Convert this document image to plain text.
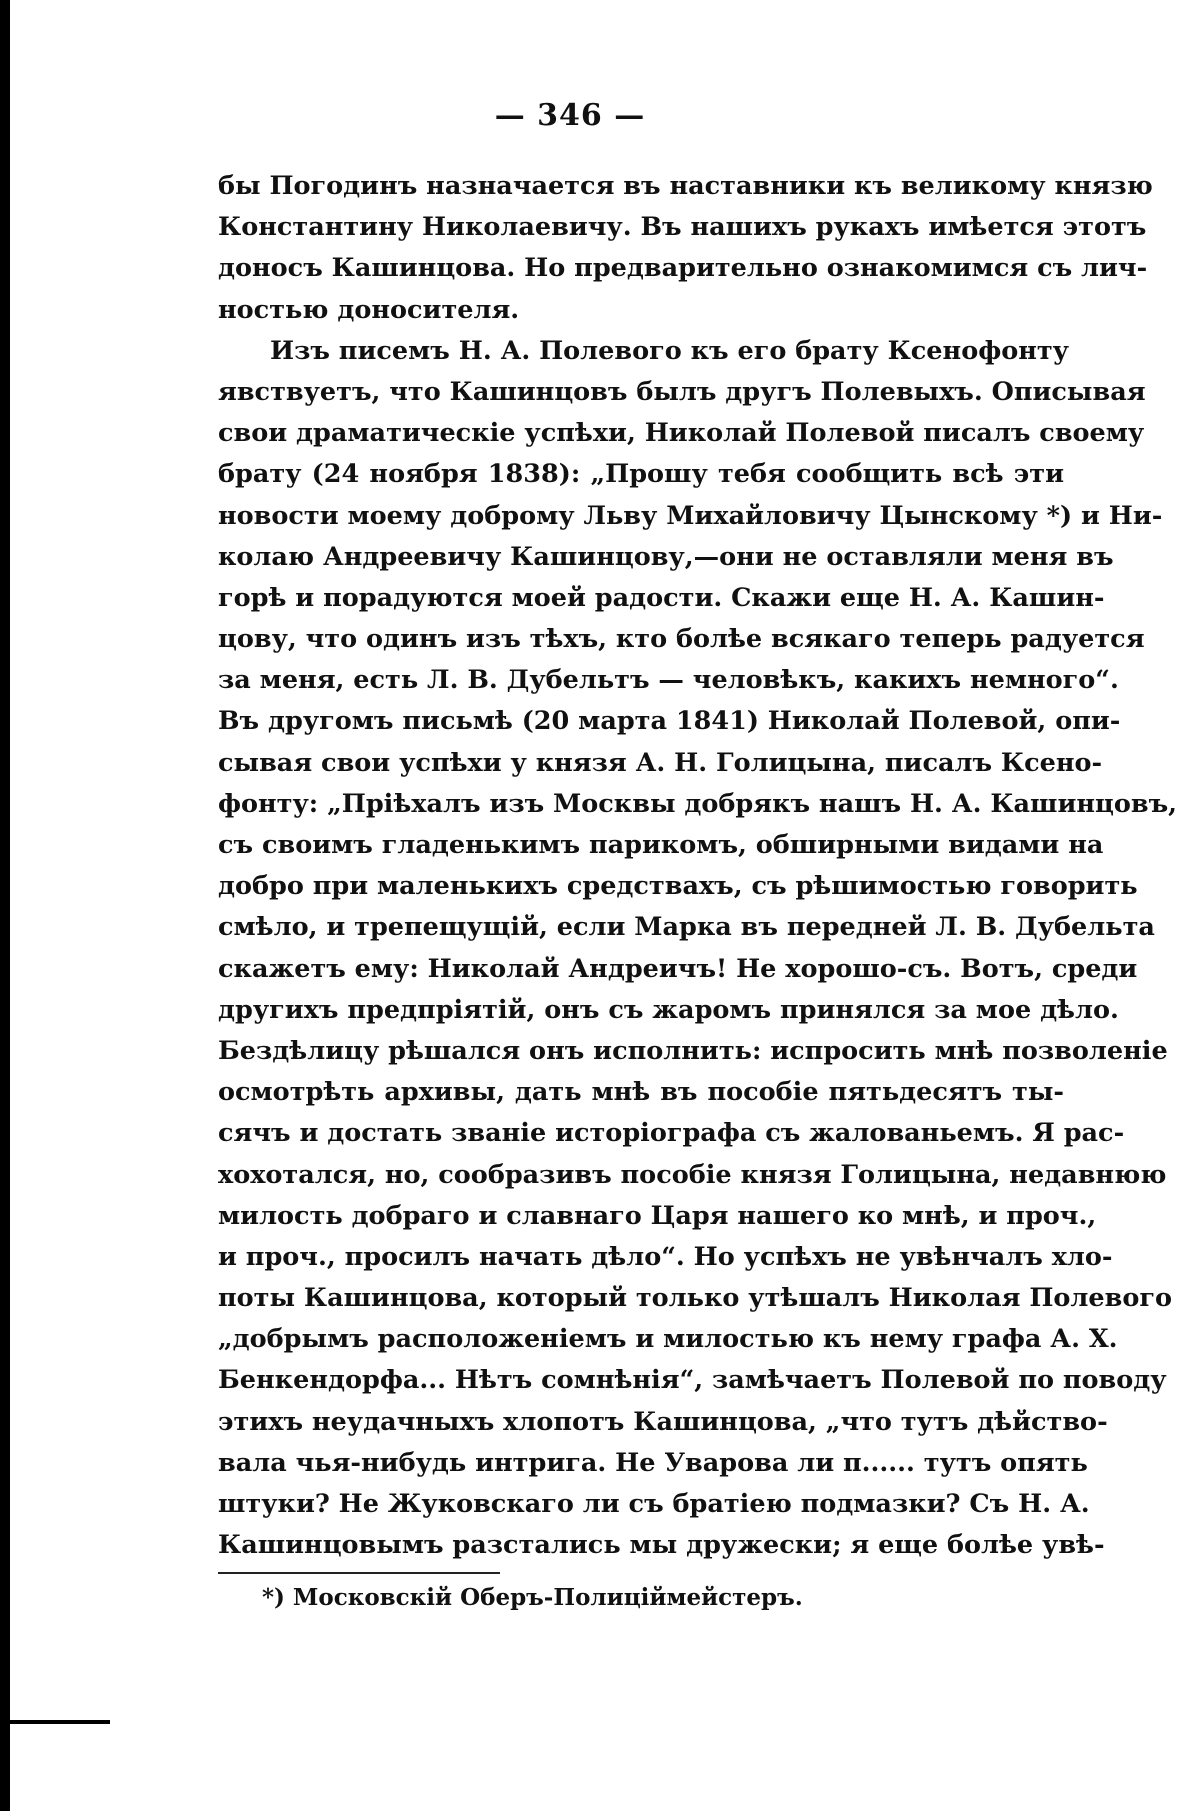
— 346 —
бы Погодинъ назначается въ наставники къ великому князю
Константину Николаевичу. Въ нашихъ рукахъ имѣется этотъ
доносъ Кашинцова. Но предварительно ознакомимся съ лич-
ностью доносителя.
Изъ писемъ Н. А. Полевого къ его брату Ксенофонту
явствуетъ, что Кашинцовъ былъ другъ Полевыхъ. Описывая
свои драматическіе успѣхи, Николай Полевой писалъ своему
брату (24 ноября 1838): „Прошу тебя сообщить всѣ эти
новости моему доброму Льву Михайловичу Цынскому *) и Ни-
колаю Андреевичу Кашинцову,—они не оставляли меня въ
горѣ и порадуются моей радости. Скажи еще Н. А. Кашин-
цову, что одинъ изъ тѣхъ, кто болѣе всякаго теперь радуется
за меня, есть Л. В. Дубельтъ — человѣкъ, какихъ немного“.
Въ другомъ письмѣ (20 марта 1841) Николай Полевой, опи-
сывая свои успѣхи у князя А. Н. Голицына, писалъ Ксено-
фонту: „Пріѣхалъ изъ Москвы добрякъ нашъ Н. А. Кашинцовъ,
съ своимъ гладенькимъ парикомъ, обширными видами на
добро при маленькихъ средствахъ, съ рѣшимостью говорить
смѣло, и трепещущій, если Марка въ передней Л. В. Дубельта
скажетъ ему: Николай Андреичъ! Не хорошо-съ. Вотъ, среди
другихъ предпріятій, онъ съ жаромъ принялся за мое дѣло.
Бездѣлицу рѣшался онъ исполнить: испросить мнѣ позволеніе
осмотрѣть архивы, дать мнѣ въ пособіе пятьдесятъ ты-
сячъ и достать званіе исторіографа съ жалованьемъ. Я рас-
хохотался, но, сообразивъ пособіе князя Голицына, недавнюю
милость добраго и славнаго Царя нашего ко мнѣ, и проч.,
и проч., просилъ начать дѣло“. Но успѣхъ не увѣнчалъ хло-
поты Кашинцова, который только утѣшалъ Николая Полевого
„добрымъ расположеніемъ и милостью къ нему графа А. Х.
Бенкендорфа... Нѣтъ сомнѣнія“, замѣчаетъ Полевой по поводу
этихъ неудачныхъ хлопотъ Кашинцова, „что тутъ дѣйство-
вала чья-нибудь интрига. Не Уварова ли п...... тутъ опять
штуки? Не Жуковскаго ли съ братіею подмазки? Съ Н. А.
Кашинцовымъ разстались мы дружески; я еще болѣе увѣ-
*) Московскій Оберъ-Полицiймейстеръ.
